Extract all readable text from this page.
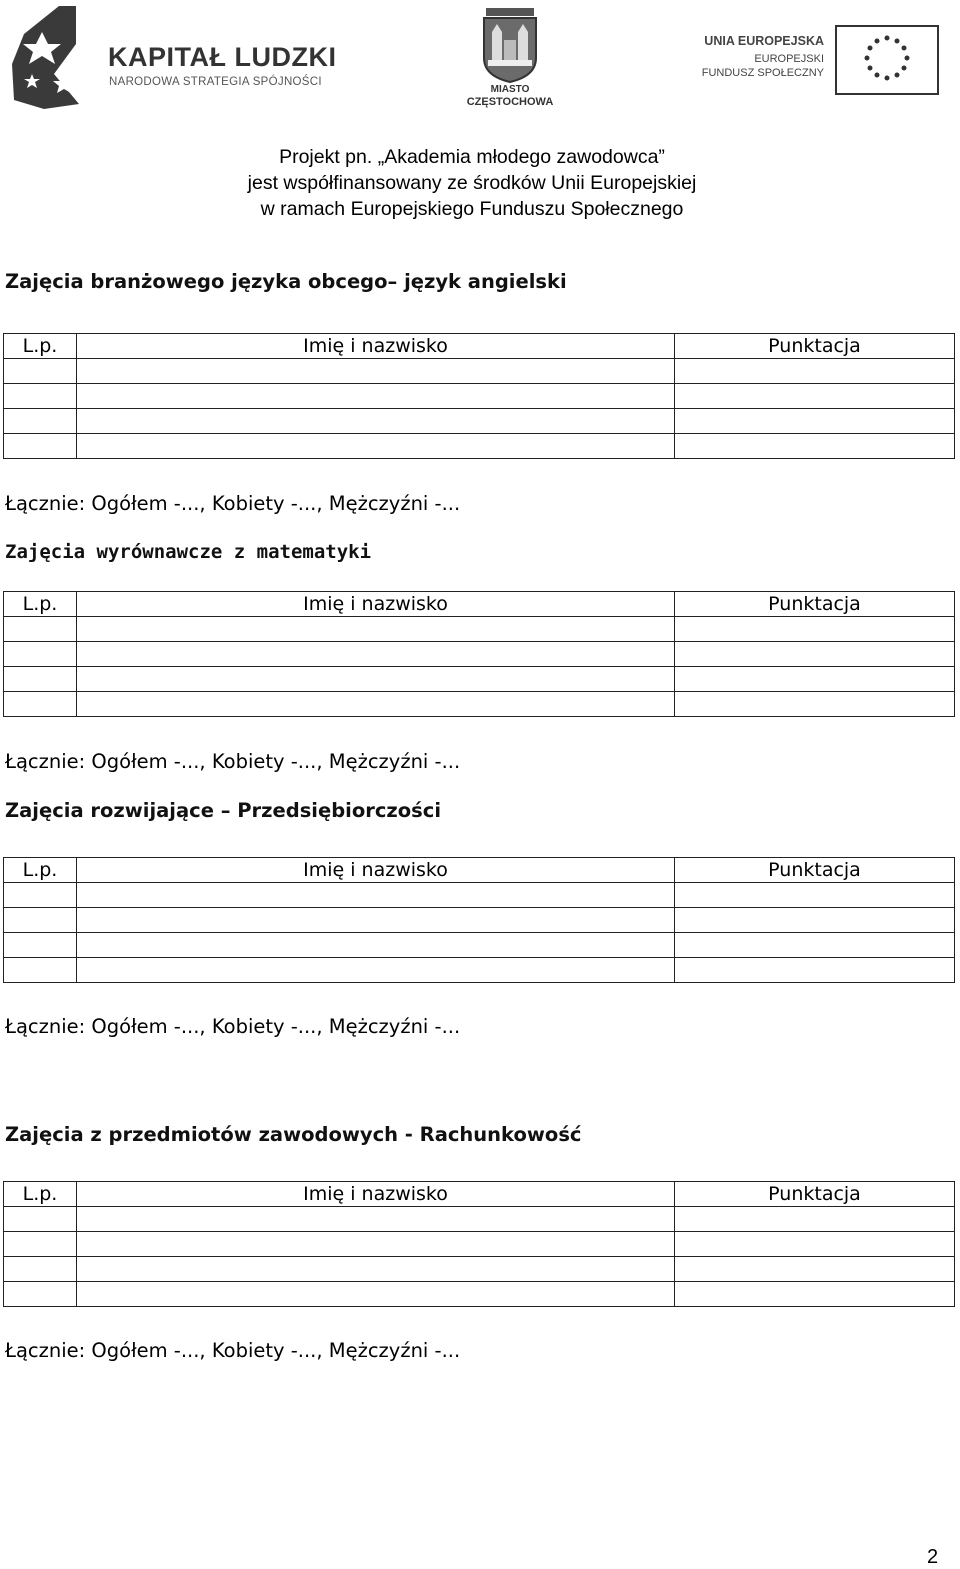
KAPITAŁ LUDZKI
NARODOWA STRATEGIA SPÓJNOŚCI
MIASTO
CZĘSTOCHOWA
UNIA EUROPEJSKA
EUROPEJSKI
FUNDUSZ SPOŁECZNY
Projekt pn. „Akademia młodego zawodowca”
jest współfinansowany ze środków Unii Europejskiej
w ramach Europejskiego Funduszu Społecznego
Zajęcia branżowego języka obcego– język angielski
L.p.	Imię i nazwisko	Punktacja

Łącznie: Ogółem -..., Kobiety -..., Mężczyźni -...
Zajęcia wyrównawcze z matematyki
L.p.	Imię i nazwisko	Punktacja

Łącznie: Ogółem -..., Kobiety -..., Mężczyźni -...
Zajęcia rozwijające – Przedsiębiorczości
L.p.	Imię i nazwisko	Punktacja

Łącznie: Ogółem -..., Kobiety -..., Mężczyźni -...
Zajęcia z przedmiotów zawodowych - Rachunkowość
L.p.	Imię i nazwisko	Punktacja

Łącznie: Ogółem -..., Kobiety -..., Mężczyźni -...
2
